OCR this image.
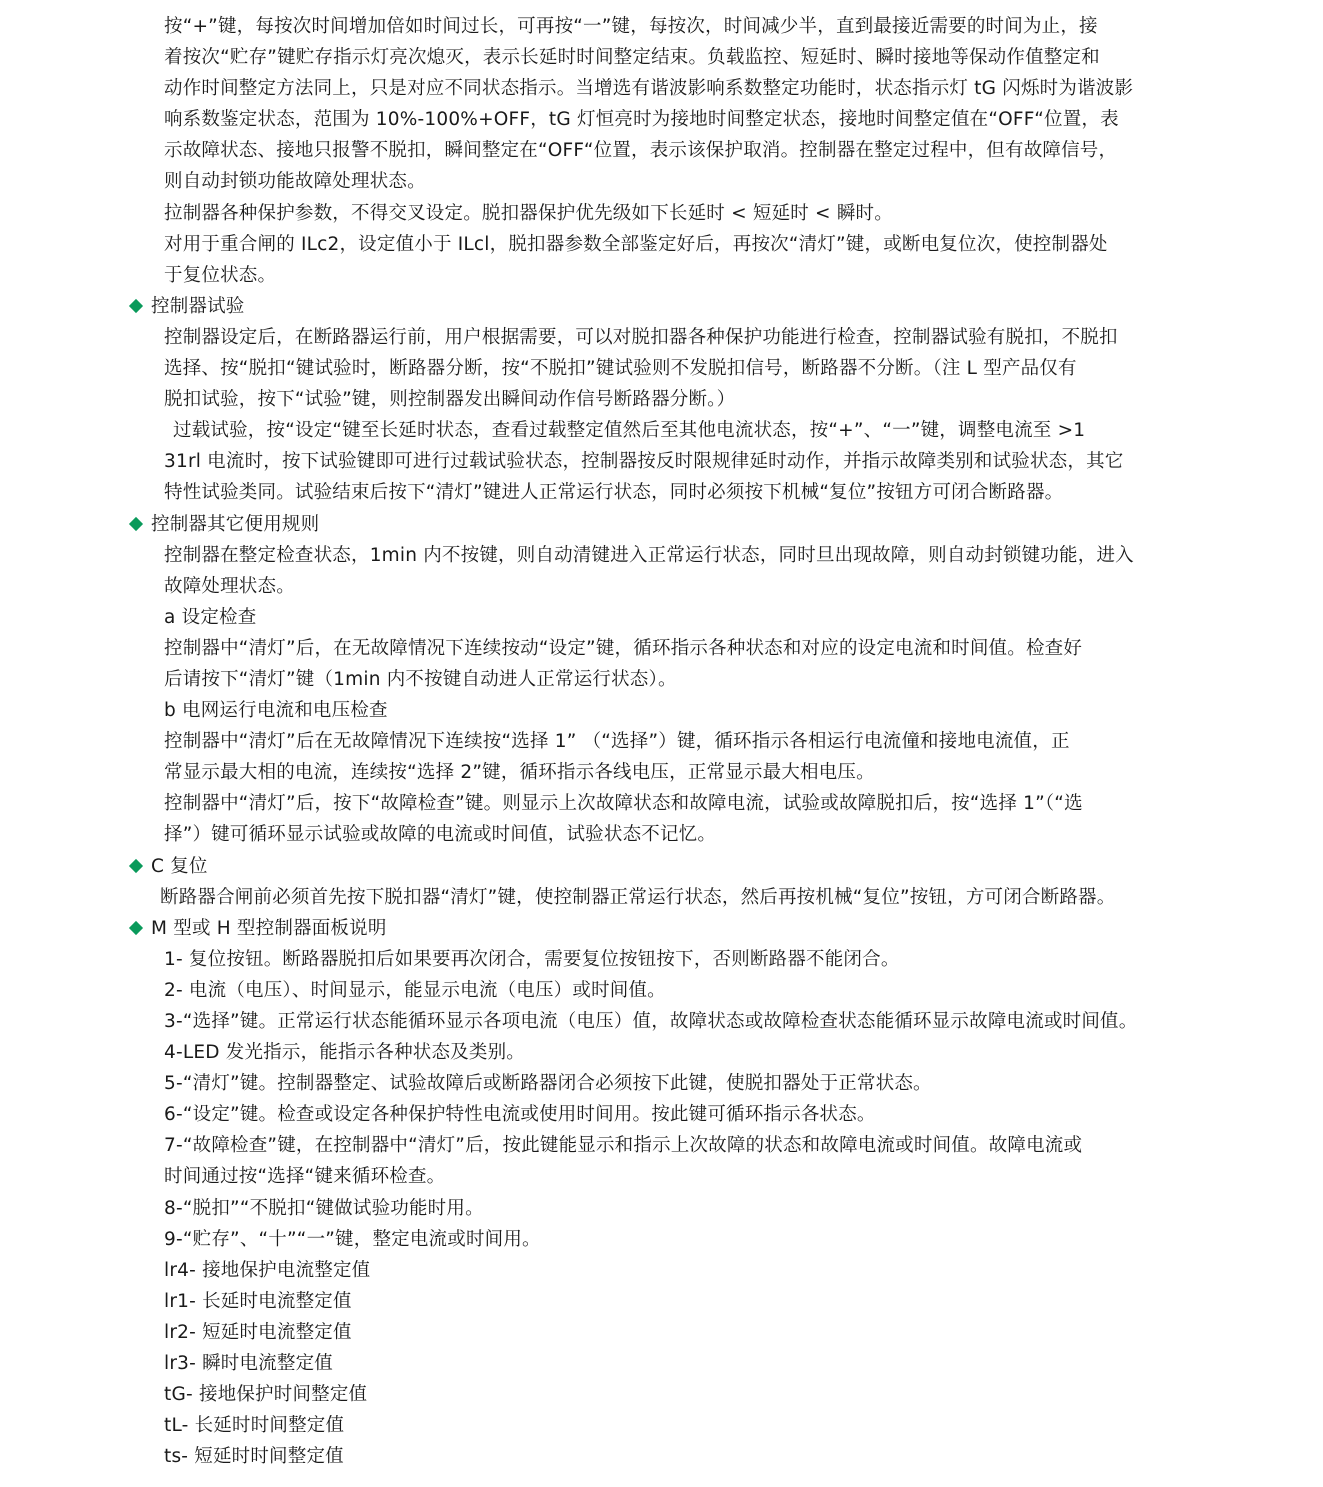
按“+”键，每按次时间增加倍如时间过长，可再按“一”键，每按次，时间减少半，直到最接近需要的时间为止，接
着按次“贮存”键贮存指示灯亮次熄灭，表示长延时时间整定结束。负载监控、短延时、瞬时接地等保动作值整定和
动作时间整定方法同上，只是对应不同状态指示。当增选有谐波影响系数整定功能时，状态指示灯 tG 闪烁时为谐波影
响系数鉴定状态，范围为 10%-100%+OFF，tG 灯恒亮时为接地时间整定状态，接地时间整定值在“OFF“位置，表
示故障状态、接地只报警不脱扣，瞬间整定在“OFF“位置，表示该保护取消。控制器在整定过程中，但有故障信号，
则自动封锁功能故障处理状态。
拉制器各种保护参数，不得交叉设定。脱扣器保护优先级如下长延时 < 短延时 < 瞬时。
对用于重合闸的 ILc2，设定值小于 ILcl，脱扣器参数全部鉴定好后，再按次“清灯”键，或断电复位次，使控制器处
于复位状态。
控制器试验
控制器设定后，在断路器运行前，用户根据需要，可以对脱扣器各种保护功能进行检查，控制器试验有脱扣，不脱扣
选择、按“脱扣“键试验时，断路器分断，按“不脱扣”键试验则不发脱扣信号，断路器不分断。（注 L 型产品仅有
脱扣试验，按下“试验”键，则控制器发出瞬间动作信号断路器分断。）
过载试验，按“设定“键至长延时状态，查看过载整定值然后至其他电流状态，按“+”、“一”键，调整电流至 >1
31rl 电流时，按下试验键即可进行过载试验状态，控制器按反时限规律延时动作，并指示故障类别和试验状态，其它
特性试验类同。试验结束后按下“清灯”键进人正常运行状态，同时必须按下机械“复位”按钮方可闭合断路器。
控制器其它便用规则
控制器在整定检查状态，1min 内不按键，则自动清键进入正常运行状态，同时旦出现故障，则自动封锁键功能，进入
故障处理状态。
a 设定检查
控制器中“清灯”后，在无故障情况下连续按动“设定”键，循环指示各种状态和对应的设定电流和时间值。检查好
后请按下“清灯”键（1min 内不按键自动进人正常运行状态）。
b 电网运行电流和电压检查
控制器中“清灯”后在无故障情况下连续按“选择 1” （“选择”）键，循环指示各相运行电流僮和接地电流值，正
常显示最大相的电流，连续按“选择 2”键，循环指示各线电压，正常显示最大相电压。
控制器中“清灯”后，按下“故障检查”键。则显示上次故障状态和故障电流，试验或故障脱扣后，按“选择 1”（“选
择”）键可循环显示试验或故障的电流或时间值，试验状态不记忆。
C 复位
断路器合闸前必须首先按下脱扣器“清灯”键，使控制器正常运行状态，然后再按机械“复位”按钮，方可闭合断路器。
M 型或 H 型控制器面板说明
1- 复位按钮。断路器脱扣后如果要再次闭合，需要复位按钮按下，否则断路器不能闭合。
2- 电流（电压）、时间显示，能显示电流（电压）或时间值。
3-“选择”键。正常运行状态能循环显示各项电流（电压）值，故障状态或故障检查状态能循环显示故障电流或时间值。
4-LED 发光指示，能指示各种状态及类别。
5-“清灯”键。控制器整定、试验故障后或断路器闭合必须按下此键，使脱扣器处于正常状态。
6-“设定”键。检查或设定各种保护特性电流或使用时间用。按此键可循环指示各状态。
7-“故障检查”键，在控制器中“清灯”后，按此键能显示和指示上次故障的状态和故障电流或时间值。故障电流或
时间通过按“选择“键来循环检查。
8-“脱扣”“不脱扣“键做试验功能时用。
9-“贮存”、“十”“一”键，整定电流或时间用。
lr4- 接地保护电流整定值
lr1- 长延时电流整定值
lr2- 短延时电流整定值
lr3- 瞬时电流整定值
tG- 接地保护时间整定值
tL- 长延时时间整定值
ts- 短延时时间整定值
